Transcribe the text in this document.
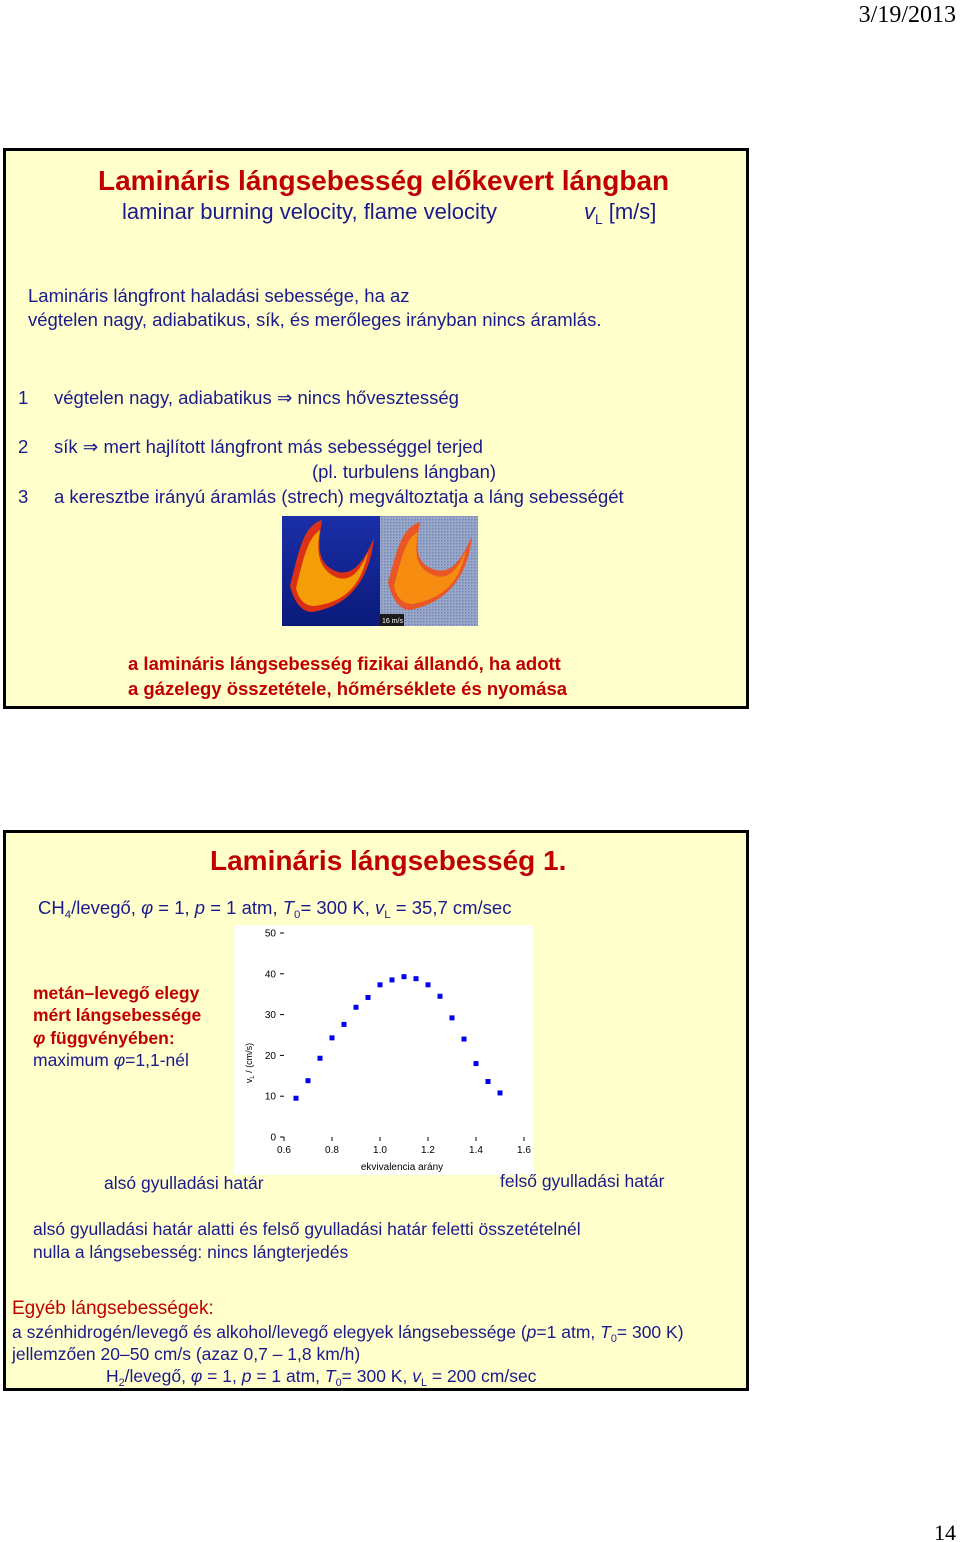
3/19/2013
Lamináris lángsebesség előkevert lángban
laminar burning velocity, flame velocity	$v_L$ [m/s]
Lamináris lángfront haladási sebessége, ha az
végtelen nagy, adiabatikus, sík, és merőleges irányban nincs áramlás.
1 végtelen nagy, adiabatikus ⇒ nincs hővesztesség
2 sík ⇒ mert hajlított lángfront más sebességgel terjed
(pl. turbulens lángban)
3 a keresztbe irányú áramlás (strech) megváltoztatja a láng sebességét
16 m/s
a lamináris lángsebesség fizikai állandó, ha adott
a gázelegy összetétele, hőmérséklete és nyomása
Lamináris lángsebesség 1.
$CH_4$/levegő, φ = 1, p = 1 atm, $T_0= 300$ K, $v_L = 35,7$ cm/sec
metán–levegő elegy
mért lángsebessége
φ függvényében:
maximum φ=1,1-nél
0
10
20
30
40
50
0.6	0.8	1.0	1.2	1.4	1.6
$v_L / (cm/s)$
ekvivalencia arány
alsó gyulladási határ	felső gyulladási határ
alsó gyulladási határ alatti és felső gyulladási határ feletti összetételnél
nulla a lángsebesség: nincs lángterjedés
Egyéb lángsebességek:
a szénhidrogén/levegő és alkohol/levegő elegyek lángsebessége (p=1 atm, $T_0= 300$ K)
jellemzően 20–50 cm/s (azaz 0,7 – 1,8 km/h)
$H_2$/levegő, φ = 1, p = 1 atm, $T_0= 300$ K, $v_L = 200$ cm/sec
14
